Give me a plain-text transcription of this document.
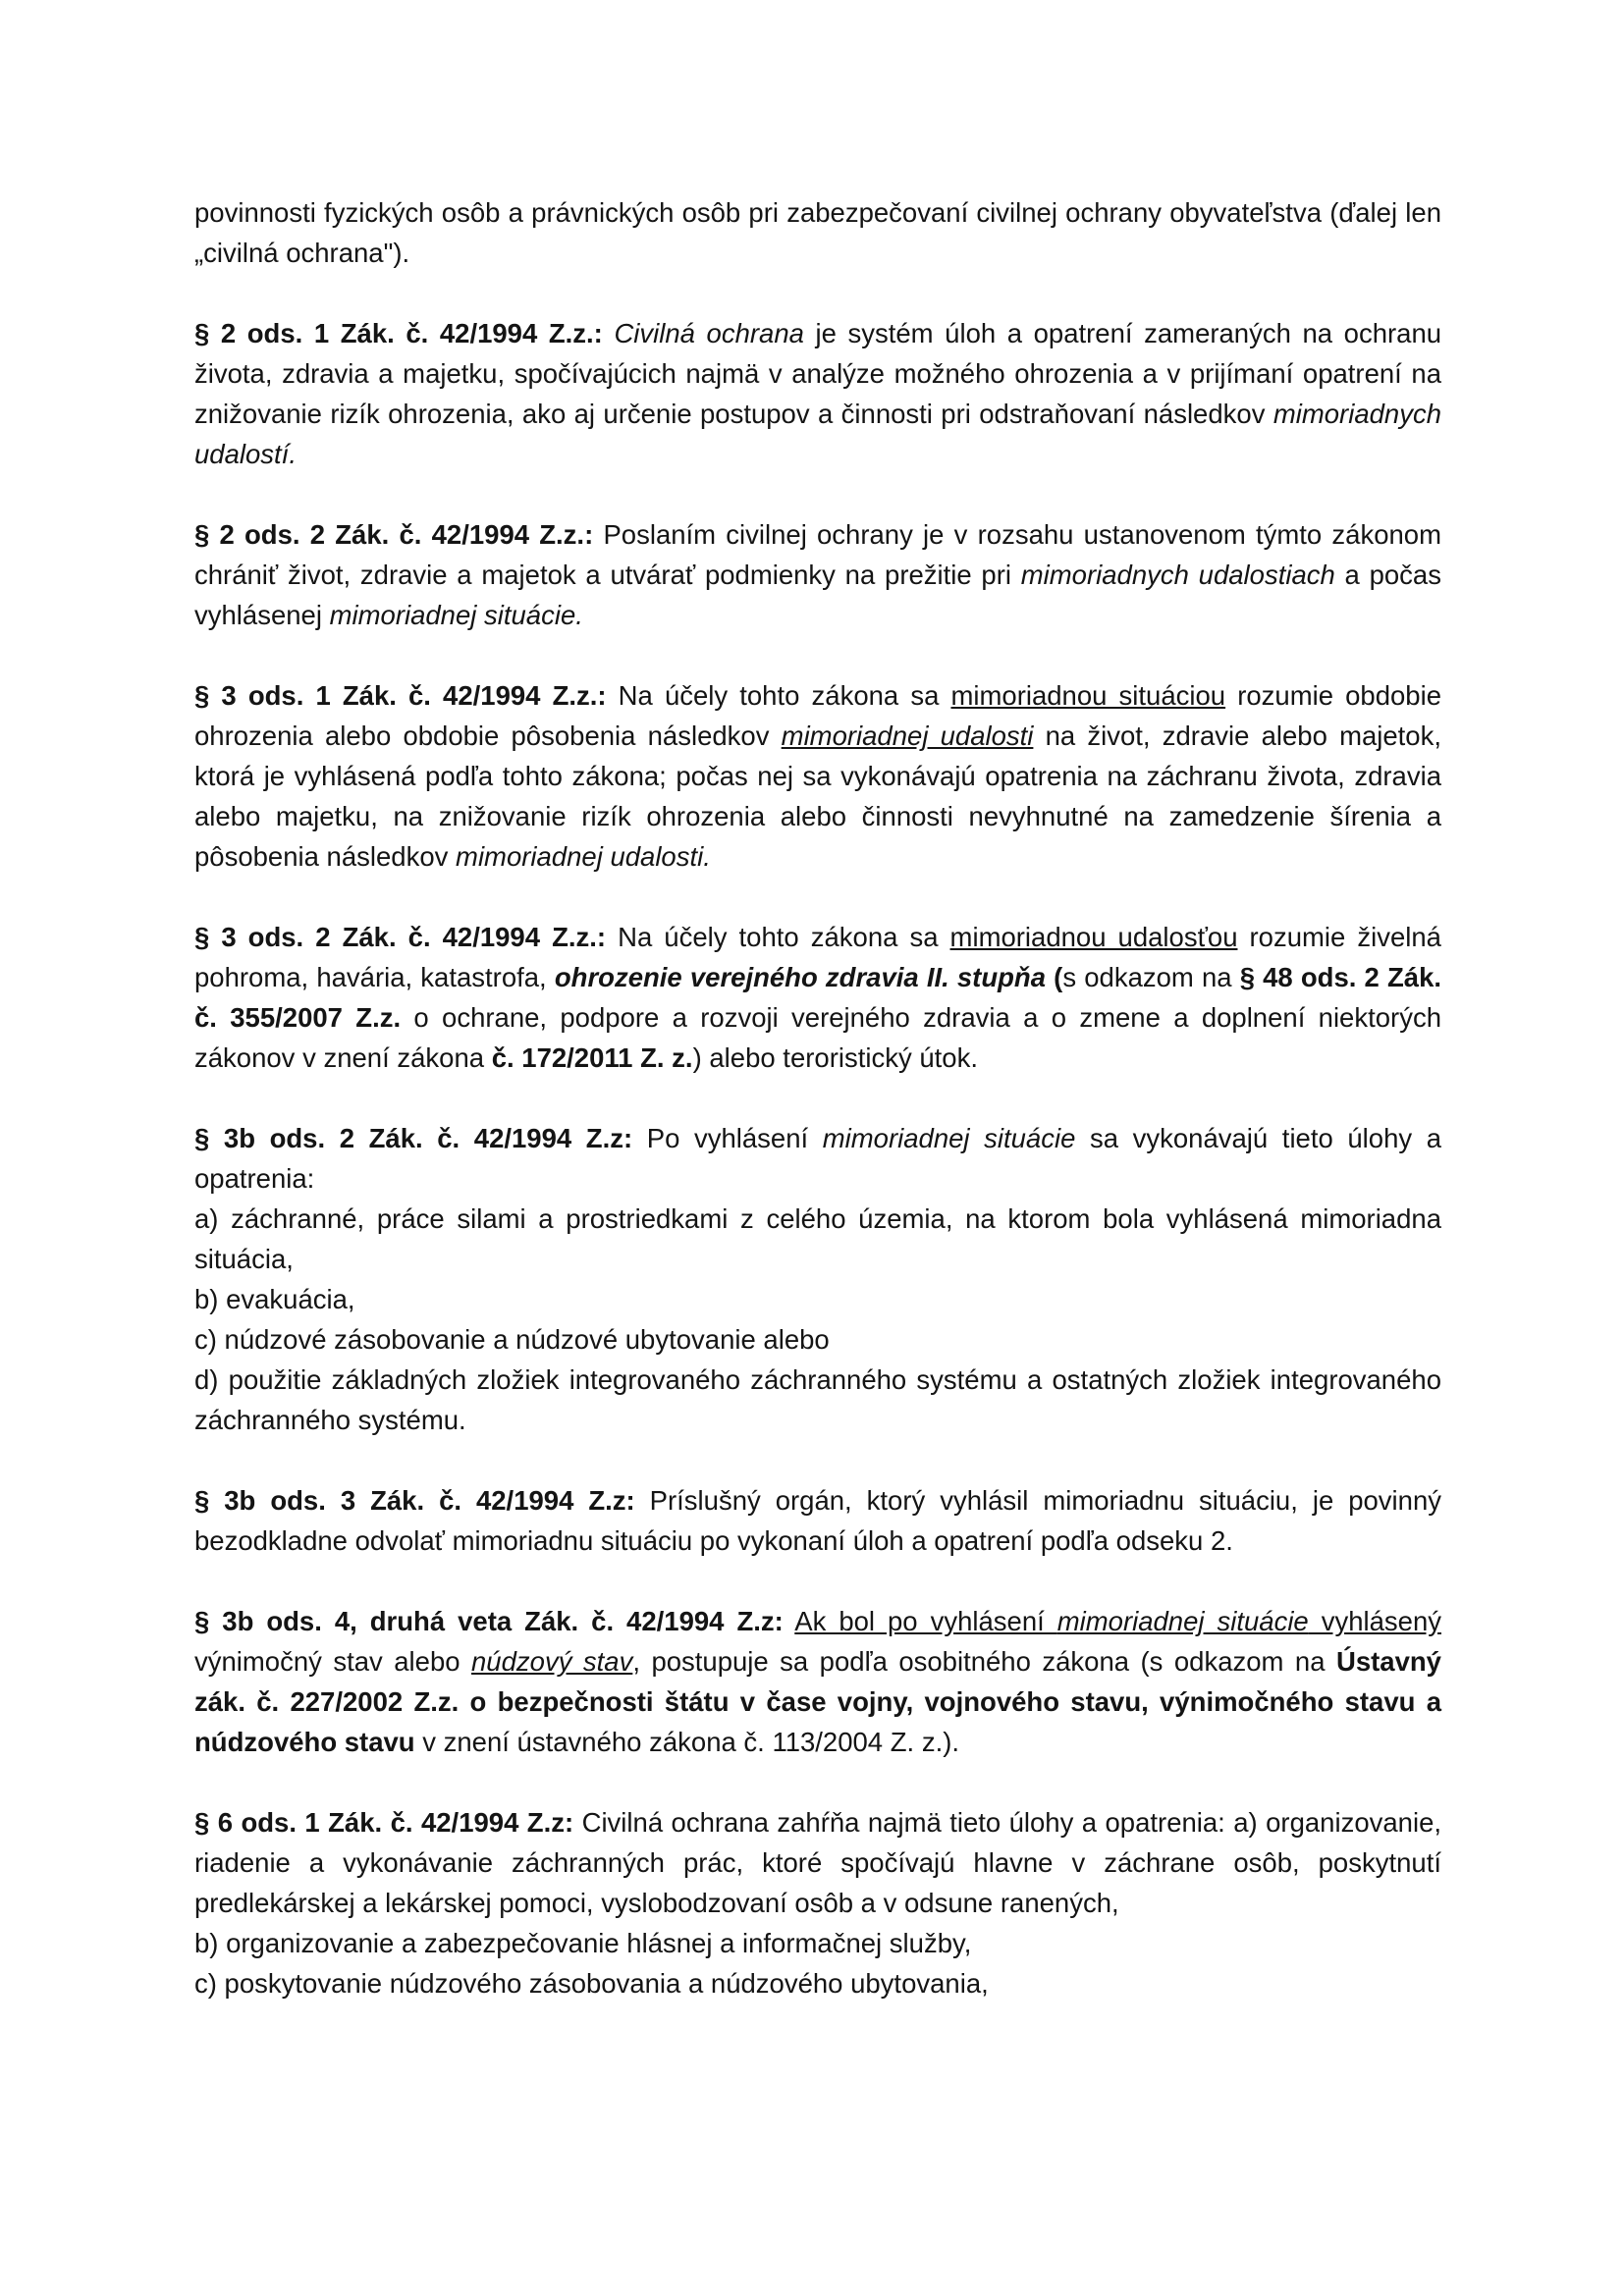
povinnosti fyzických osôb a právnických osôb pri zabezpečovaní civilnej ochrany obyvateľstva (ďalej len „civilná ochrana").

§ 2 ods. 1 Zák. č. 42/1994 Z.z.: Civilná ochrana je systém úloh a opatrení zameraných na ochranu života, zdravia a majetku, spočívajúcich najmä v analýze možného ohrozenia a v prijímaní opatrení na znižovanie rizík ohrozenia, ako aj určenie postupov a činnosti pri odstraňovaní následkov mimoriadnych udalostí.

§ 2 ods. 2 Zák. č. 42/1994 Z.z.: Poslaním civilnej ochrany je v rozsahu ustanovenom týmto zákonom chrániť život, zdravie a majetok a utvárať podmienky na prežitie pri mimoriadnych udalostiach a počas vyhlásenej mimoriadnej situácie.

§ 3 ods. 1 Zák. č. 42/1994 Z.z.: Na účely tohto zákona sa mimoriadnou situáciou rozumie obdobie ohrozenia alebo obdobie pôsobenia následkov mimoriadnej udalosti na život, zdravie alebo majetok, ktorá je vyhlásená podľa tohto zákona; počas nej sa vykonávajú opatrenia na záchranu života, zdravia alebo majetku, na znižovanie rizík ohrozenia alebo činnosti nevyhnutné na zamedzenie šírenia a pôsobenia následkov mimoriadnej udalosti.

§ 3 ods. 2 Zák. č. 42/1994 Z.z.: Na účely tohto zákona sa mimoriadnou udalosťou rozumie živelná pohroma, havária, katastrofa, ohrozenie verejného zdravia II. stupňa (s odkazom na § 48 ods. 2 Zák. č. 355/2007 Z.z. o ochrane, podpore a rozvoji verejného zdravia a o zmene a doplnení niektorých zákonov v znení zákona č. 172/2011 Z. z.) alebo teroristický útok.

§ 3b ods. 2 Zák. č. 42/1994 Z.z: Po vyhlásení mimoriadnej situácie sa vykonávajú tieto úlohy a opatrenia:
a) záchranné, práce silami a prostriedkami z celého územia, na ktorom bola vyhlásená mimoriadna situácia,
b) evakuácia,
c) núdzové zásobovanie a núdzové ubytovanie alebo
d) použitie základných zložiek integrovaného záchranného systému a ostatných zložiek integrovaného záchranného systému.

§ 3b ods. 3 Zák. č. 42/1994 Z.z: Príslušný orgán, ktorý vyhlásil mimoriadnu situáciu, je povinný bezodkladne odvolať mimoriadnu situáciu po vykonaní úloh a opatrení podľa odseku 2.

§ 3b ods. 4, druhá veta Zák. č. 42/1994 Z.z: Ak bol po vyhlásení mimoriadnej situácie vyhlásený výnimočný stav alebo núdzový stav, postupuje sa podľa osobitného zákona (s odkazom na Ústavný zák. č. 227/2002 Z.z. o bezpečnosti štátu v čase vojny, vojnového stavu, výnimočného stavu a núdzového stavu v znení ústavného zákona č. 113/2004 Z. z.).

§ 6 ods. 1 Zák. č. 42/1994 Z.z: Civilná ochrana zahŕňa najmä tieto úlohy a opatrenia: a) organizovanie, riadenie a vykonávanie záchranných prác, ktoré spočívajú hlavne v záchrane osôb, poskytnutí predlekárskej a lekárskej pomoci, vyslobodzovaní osôb a v odsune ranených,
b) organizovanie a zabezpečovanie hlásnej a informačnej služby,
c) poskytovanie núdzového zásobovania a núdzového ubytovania,
